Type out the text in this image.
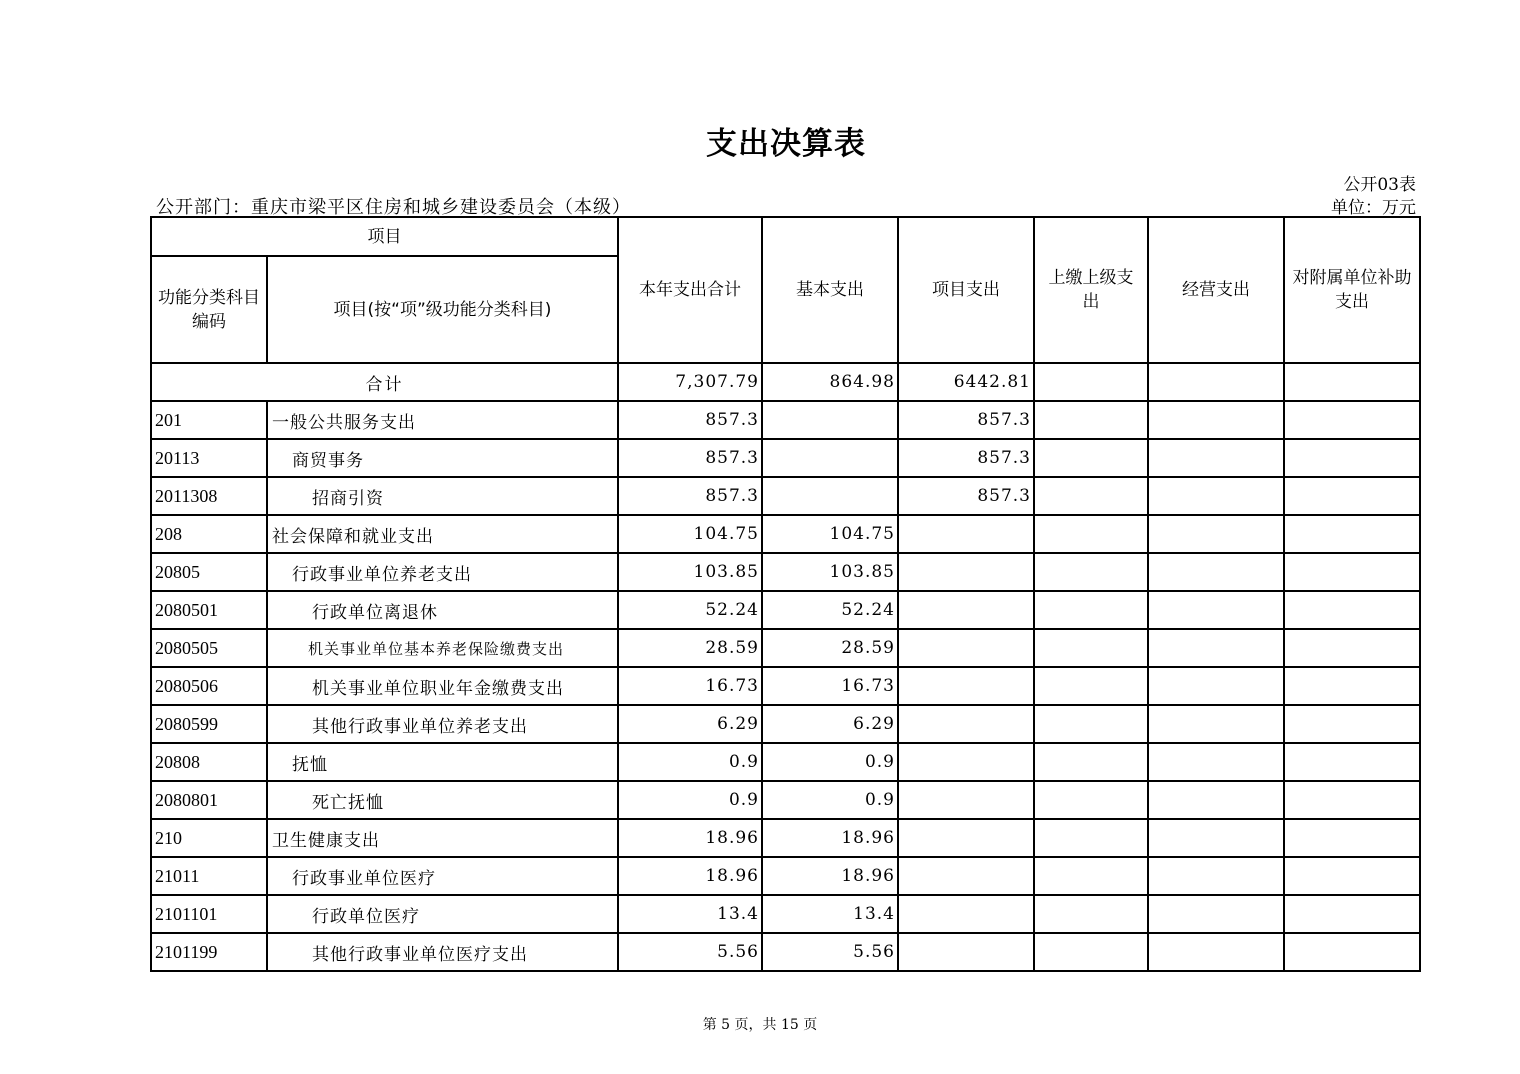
支出决算表
公开03表
公开部门：重庆市梁平区住房和城乡建设委员会（本级）	单位：万元
项目		本年支出合计	基本支出	项目支出	上缴上级支出	经营支出	对附属单位补助支出
功能分类科目编码	项目(按“项”级功能分类科目)						
合计		7,307.79	864.98	6442.81			
201	一般公共服务支出	857.3		857.3			
20113	商贸事务	857.3		857.3			
2011308	招商引资	857.3		857.3			
208	社会保障和就业支出	104.75	104.75				
20805	行政事业单位养老支出	103.85	103.85				
2080501	行政单位离退休	52.24	52.24				
2080505	机关事业单位基本养老保险缴费支出	28.59	28.59				
2080506	机关事业单位职业年金缴费支出	16.73	16.73				
2080599	其他行政事业单位养老支出	6.29	6.29				
20808	抚恤	0.9	0.9				
2080801	死亡抚恤	0.9	0.9				
210	卫生健康支出	18.96	18.96				
21011	行政事业单位医疗	18.96	18.96				
2101101	行政单位医疗	13.4	13.4				
2101199	其他行政事业单位医疗支出	5.56	5.56				
第 5 页，共 15 页
